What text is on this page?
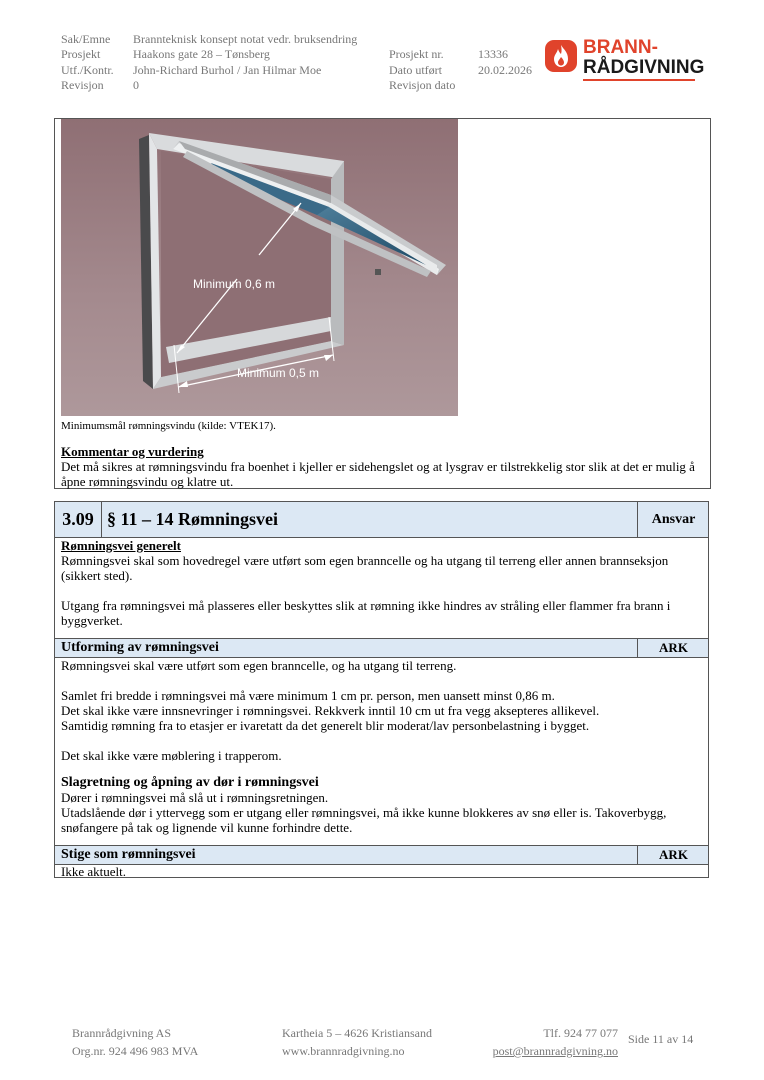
Sak/Emne	Brannteknisk konsept notat vedr. bruksendring
Prosjekt	Haakons gate 28 – Tønsberg	Prosjekt nr.	13336
Utf./Kontr.	John-Richard Burhol / Jan Hilmar Moe	Dato utført	20.02.2026
Revisjon	0	Revisjon dato
BRANN-
RÅDGIVNING
Minimum 0,6 m
Minimum 0,5 m
Minimumsmål rømningsvindu (kilde: VTEK17).
Kommentar og vurdering
Det må sikres at rømningsvindu fra boenhet i kjeller er sidehengslet og at lysgrav er tilstrekkelig stor slik at det er mulig å åpne rømningsvindu og klatre ut.
3.09 § 11 – 14 Rømningsvei	Ansvar
Rømningsvei generelt
Rømningsvei skal som hovedregel være utført som egen branncelle og ha utgang til terreng eller annen brannseksjon (sikkert sted).
Utgang fra rømningsvei må plasseres eller beskyttes slik at rømning ikke hindres av stråling eller flammer fra brann i byggverket.
Utforming av rømningsvei	ARK
Rømningsvei skal være utført som egen branncelle, og ha utgang til terreng.
Samlet fri bredde i rømningsvei må være minimum 1 cm pr. person, men uansett minst 0,86 m.
Det skal ikke være innsnevringer i rømningsvei. Rekkverk inntil 10 cm ut fra vegg aksepteres allikevel.
Samtidig rømning fra to etasjer er ivaretatt da det generelt blir moderat/lav personbelastning i bygget.
Det skal ikke være møblering i trapperom.
Slagretning og åpning av dør i rømningsvei
Dører i rømningsvei må slå ut i rømningsretningen.
Utadslående dør i yttervegg som er utgang eller rømningsvei, må ikke kunne blokkeres av snø eller is. Takoverbygg, snøfangere på tak og lignende vil kunne forhindre dette.
Stige som rømningsvei	ARK
Ikke aktuelt.
Brannrådgivning AS
Org.nr. 924 496 983 MVA
Kartheia 5 – 4626 Kristiansand
www.brannradgivning.no
Tlf. 924 77 077
post@brannradgivning.no
Side 11 av 14
